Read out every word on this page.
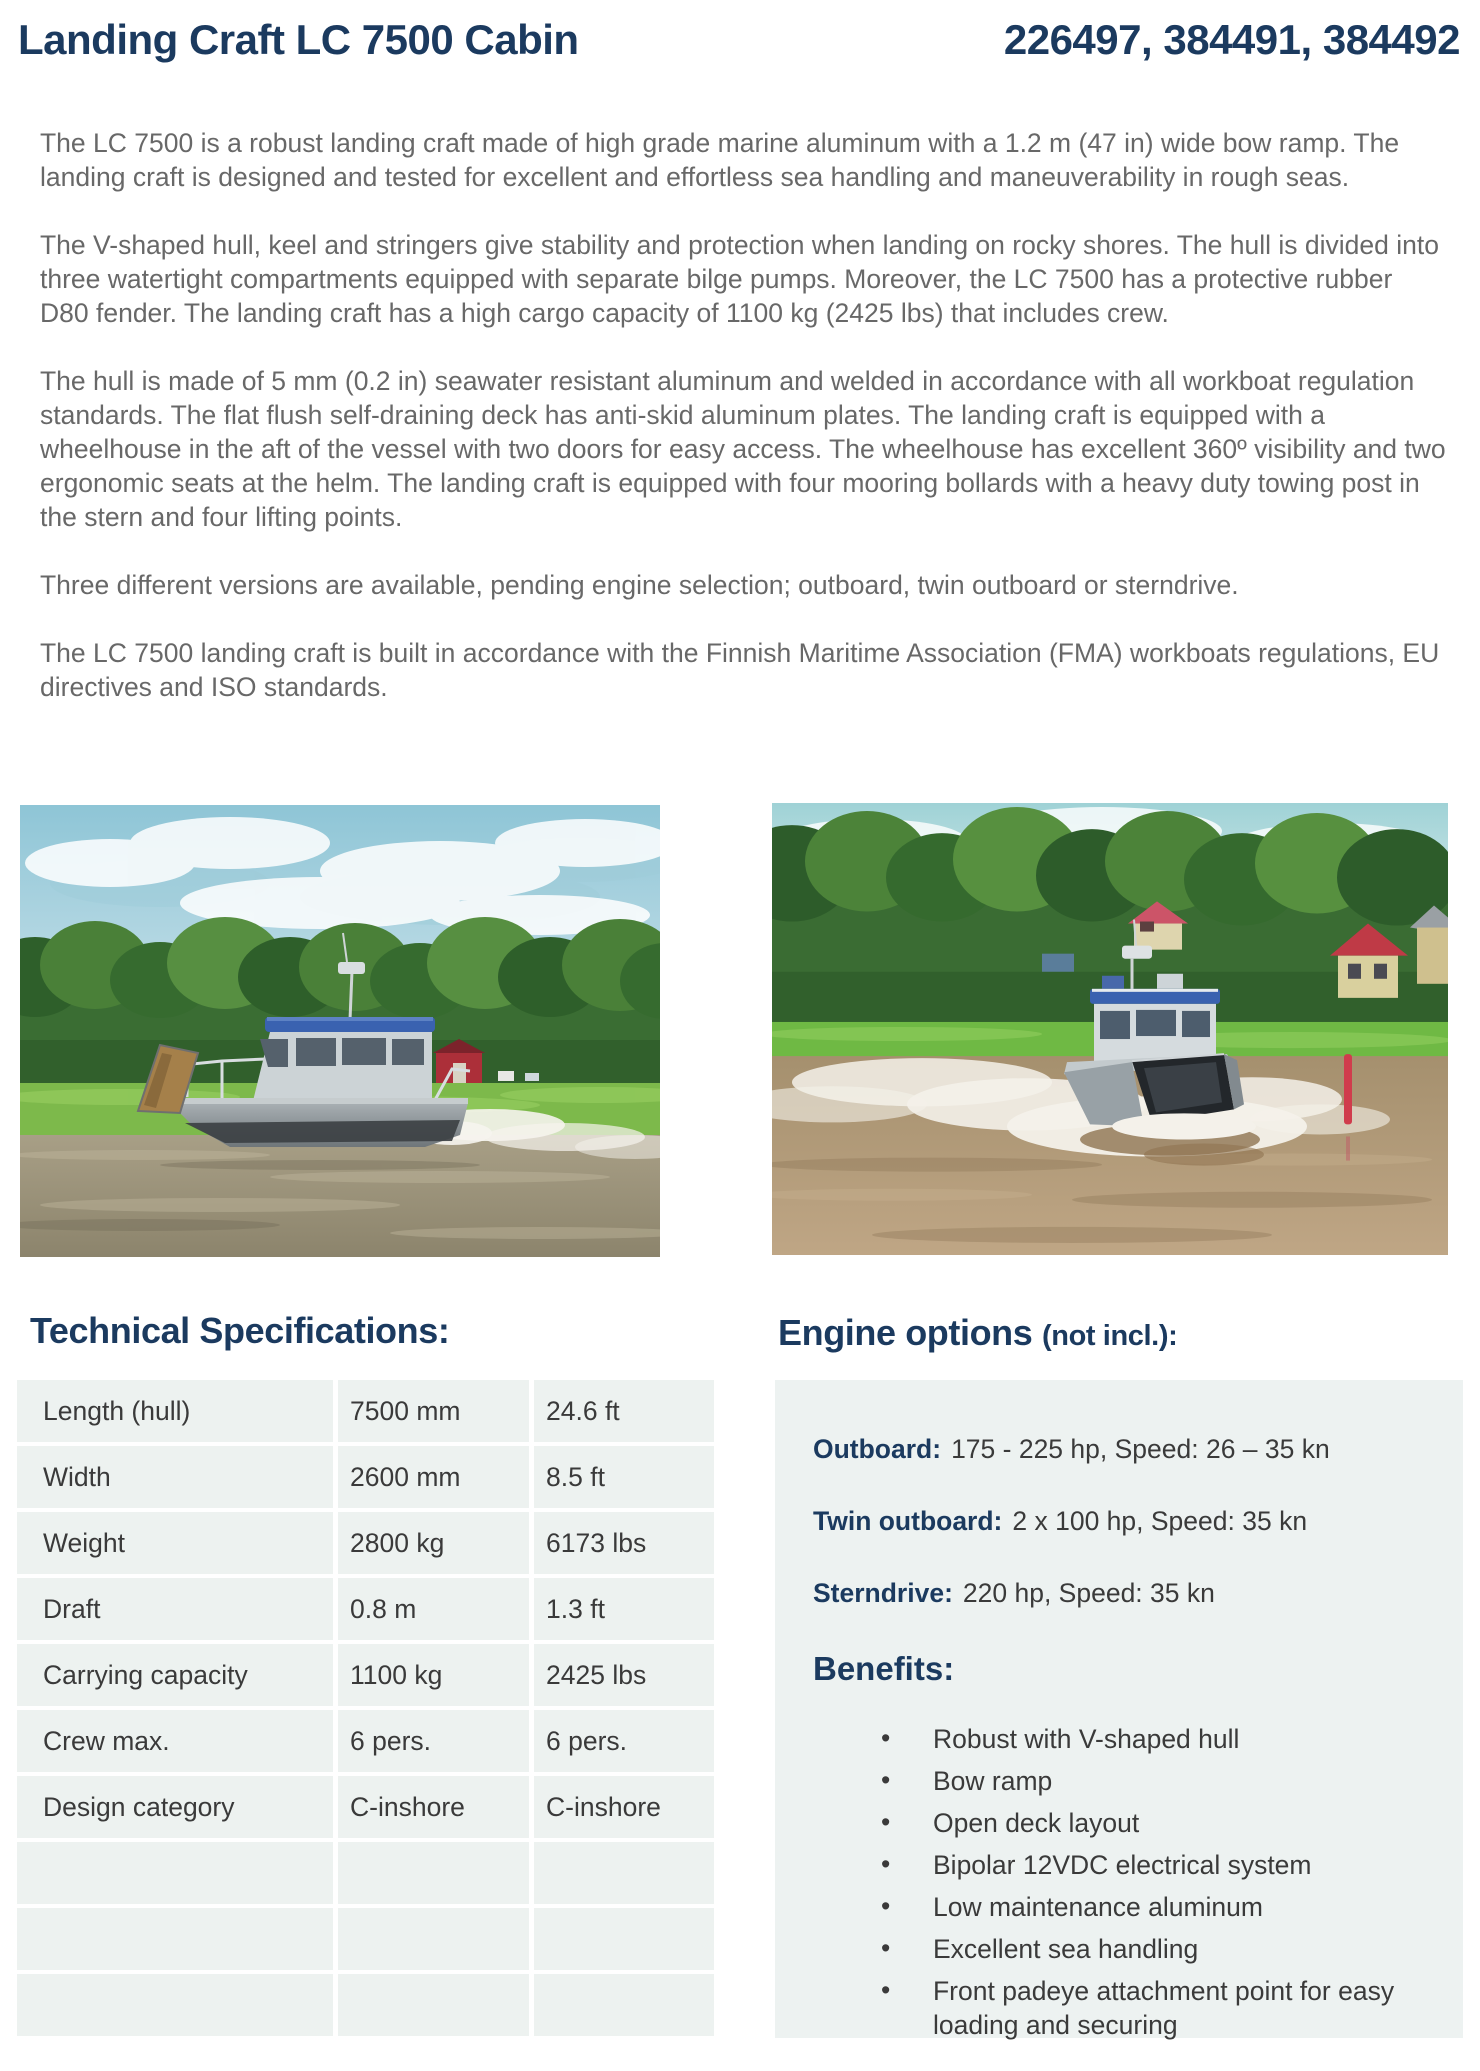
Landing Craft LC 7500 Cabin	226497, 384491, 384492

The LC 7500 is a robust landing craft made of high grade marine aluminum with a 1.2 m (47 in) wide bow ramp. The landing craft is designed and tested for excellent and effortless sea handling and maneuverability in rough seas.

The V-shaped hull, keel and stringers give stability and protection when landing on rocky shores. The hull is divided into three watertight compartments equipped with separate bilge pumps. Moreover, the LC 7500 has a protective rubber D80 fender. The landing craft has a high cargo capacity of 1100 kg (2425 lbs) that includes crew.

The hull is made of 5 mm (0.2 in) seawater resistant aluminum and welded in accordance with all workboat regulation standards. The flat flush self-draining deck has anti-skid aluminum plates. The landing craft is equipped with a wheelhouse in the aft of the vessel with two doors for easy access. The wheelhouse has excellent 360º visibility and two ergonomic seats at the helm. The landing craft is equipped with four mooring bollards with a heavy duty towing post in the stern and four lifting points.

Three different versions are available, pending engine selection; outboard, twin outboard or sterndrive.

The LC 7500 landing craft is built in accordance with the Finnish Maritime Association (FMA) workboats regulations, EU directives and ISO standards.

Technical Specifications:	Engine options (not incl.):
Length (hull)	7500 mm	24.6 ft
Width	2600 mm	8.5 ft
Weight	2800 kg	6173 lbs
Draft	0.8 m	1.3 ft
Carrying capacity	1100 kg	2425 lbs
Crew max.	6 pers.	6 pers.
Design category	C-inshore	C-inshore

Outboard: 175 - 225 hp, Speed: 26 – 35 kn

Twin outboard: 2 x 100 hp, Speed: 35 kn

Sterndrive: 220 hp, Speed: 35 kn

Benefits:

• Robust with V-shaped hull
• Bow ramp
• Open deck layout
• Bipolar 12VDC electrical system
• Low maintenance aluminum
• Excellent sea handling
• Front padeye attachment point for easy loading and securing
